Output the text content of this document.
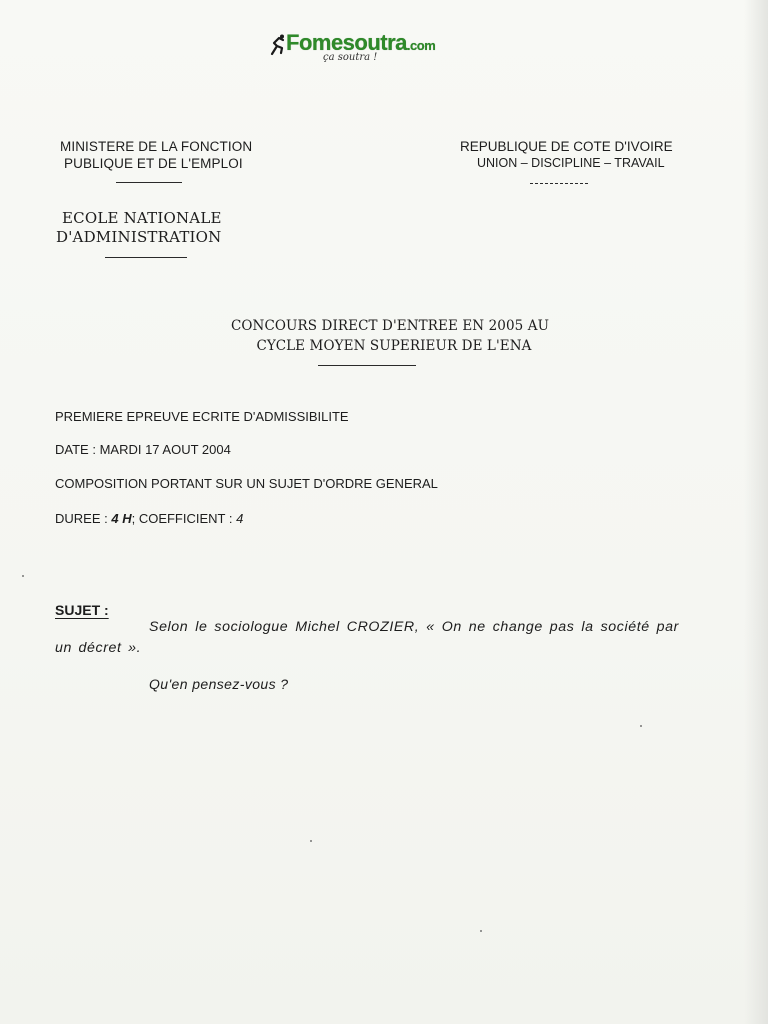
Fomesoutra.com
ça soutra !
MINISTERE DE LA FONCTION
PUBLIQUE ET DE L'EMPLOI
REPUBLIQUE DE COTE D'IVOIRE
UNION – DISCIPLINE – TRAVAIL
ECOLE NATIONALE
D'ADMINISTRATION
CONCOURS DIRECT D'ENTREE EN 2005 AU
CYCLE MOYEN SUPERIEUR DE L'ENA
PREMIERE EPREUVE ECRITE D'ADMISSIBILITE
DATE : MARDI 17 AOUT 2004
COMPOSITION PORTANT SUR UN SUJET D'ORDRE GENERAL
DUREE : 4 H; COEFFICIENT : 4
SUJET :
Selon le sociologue Michel CROZIER, « On ne change pas la société par un décret ».
Qu'en pensez-vous ?
